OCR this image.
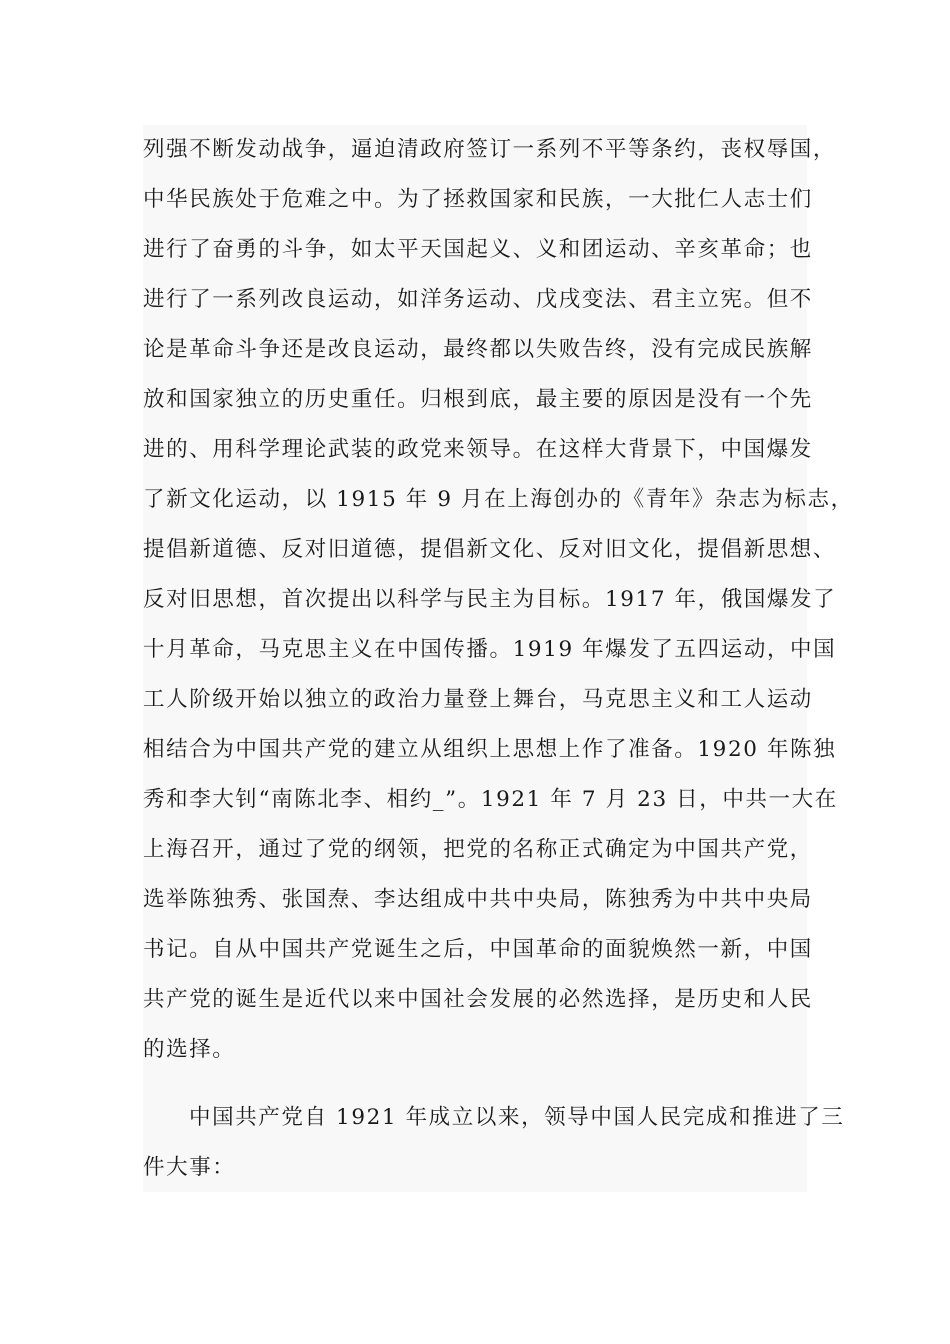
列强不断发动战争，逼迫清政府签订一系列不平等条约，丧权辱国，
中华民族处于危难之中。为了拯救国家和民族，一大批仁人志士们
进行了奋勇的斗争，如太平天国起义、义和团运动、辛亥革命；也
进行了一系列改良运动，如洋务运动、戊戌变法、君主立宪。但不
论是革命斗争还是改良运动，最终都以失败告终，没有完成民族解
放和国家独立的历史重任。归根到底，最主要的原因是没有一个先
进的、用科学理论武装的政党来领导。在这样大背景下，中国爆发
了新文化运动，以 1915 年 9 月在上海创办的《青年》杂志为标志，
提倡新道德、反对旧道德，提倡新文化、反对旧文化，提倡新思想、
反对旧思想，首次提出以科学与民主为目标。1917 年，俄国爆发了
十月革命，马克思主义在中国传播。1919 年爆发了五四运动，中国
工人阶级开始以独立的政治力量登上舞台，马克思主义和工人运动
相结合为中国共产党的建立从组织上思想上作了准备。1920 年陈独
秀和李大钊“南陈北李、相约_”。1921 年 7 月 23 日，中共一大在
上海召开，通过了党的纲领，把党的名称正式确定为中国共产党，
选举陈独秀、张国焘、李达组成中共中央局，陈独秀为中共中央局
书记。自从中国共产党诞生之后，中国革命的面貌焕然一新，中国
共产党的诞生是近代以来中国社会发展的必然选择，是历史和人民
的选择。
中国共产党自 1921 年成立以来，领导中国人民完成和推进了三
件大事：
